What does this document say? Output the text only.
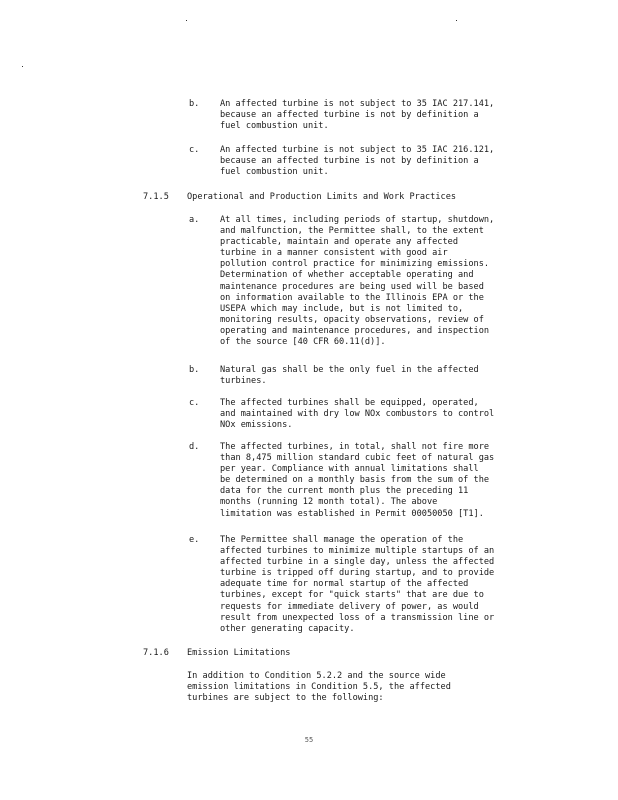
b.	An affected turbine is not subject to 35 IAC 217.141,
because an affected turbine is not by definition a
fuel combustion unit.
c.	An affected turbine is not subject to 35 IAC 216.121,
because an affected turbine is not by definition a
fuel combustion unit.
7.1.5	Operational and Production Limits and Work Practices
a.	At all times, including periods of startup, shutdown,
and malfunction, the Permittee shall, to the extent
practicable, maintain and operate any affected
turbine in a manner consistent with good air
pollution control practice for minimizing emissions.
Determination of whether acceptable operating and
maintenance procedures are being used will be based
on information available to the Illinois EPA or the
USEPA which may include, but is not limited to,
monitoring results, opacity observations, review of
operating and maintenance procedures, and inspection
of the source [40 CFR 60.11(d)].
b.	Natural gas shall be the only fuel in the affected
turbines.
c.	The affected turbines shall be equipped, operated,
and maintained with dry low NOx combustors to control
NOx emissions.
d.	The affected turbines, in total, shall not fire more
than 8,475 million standard cubic feet of natural gas
per year. Compliance with annual limitations shall
be determined on a monthly basis from the sum of the
data for the current month plus the preceding 11
months (running 12 month total). The above
limitation was established in Permit 00050050 [T1].
e.	The Permittee shall manage the operation of the
affected turbines to minimize multiple startups of an
affected turbine in a single day, unless the affected
turbine is tripped off during startup, and to provide
adequate time for normal startup of the affected
turbines, except for "quick starts" that are due to
requests for immediate delivery of power, as would
result from unexpected loss of a transmission line or
other generating capacity.
7.1.6	Emission Limitations
In addition to Condition 5.2.2 and the source wide
emission limitations in Condition 5.5, the affected
turbines are subject to the following:
55
